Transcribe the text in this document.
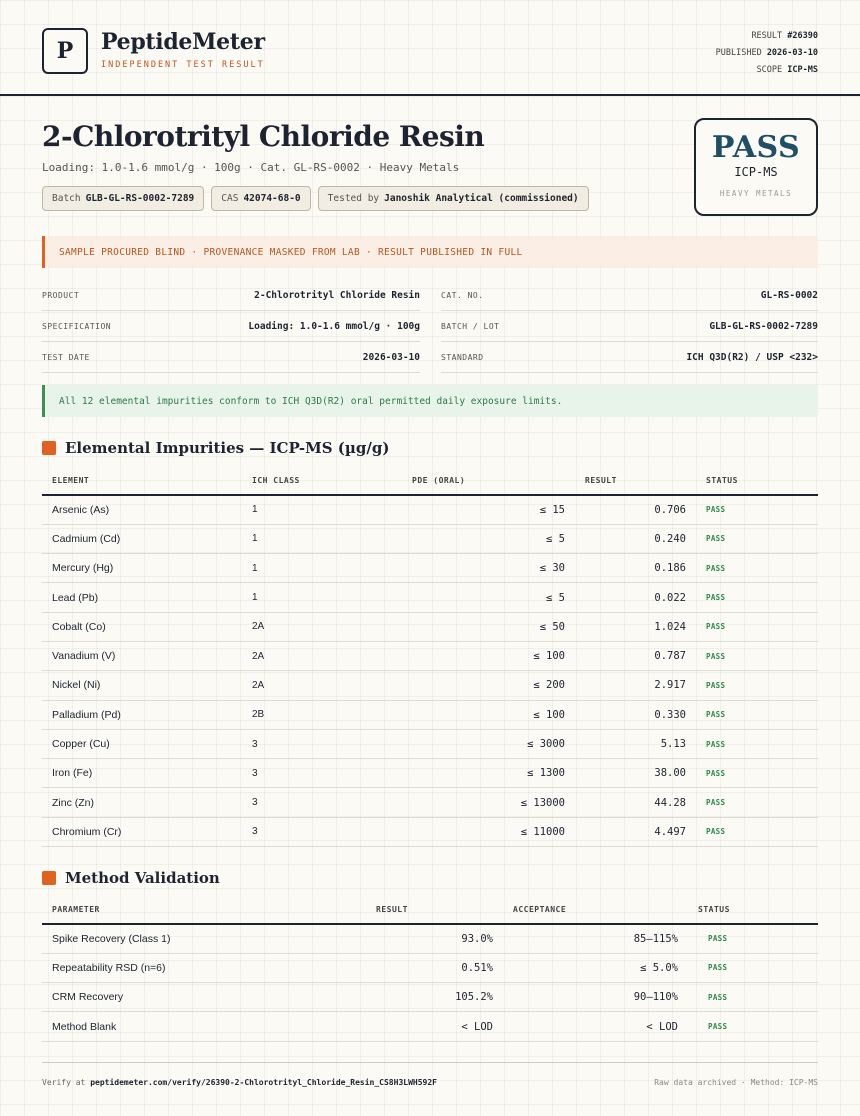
P	PeptideMeter
INDEPENDENT TEST RESULT
RESULT #26390
PUBLISHED 2026-03-10
SCOPE ICP-MS
2-Chlorotrityl Chloride Resin
Loading: 1.0-1.6 mmol/g · 100g · Cat. GL-RS-0002 · Heavy Metals
Batch GLB-GL-RS-0002-7289	CAS 42074-68-0	Tested by Janoshik Analytical (commissioned)
PASS
ICP-MS
HEAVY METALS
SAMPLE PROCURED BLIND · PROVENANCE MASKED FROM LAB · RESULT PUBLISHED IN FULL
PRODUCT	2-Chlorotrityl Chloride Resin	CAT. NO.	GL-RS-0002
SPECIFICATION	Loading: 1.0-1.6 mmol/g · 100g	BATCH / LOT	GLB-GL-RS-0002-7289
TEST DATE	2026-03-10	STANDARD	ICH Q3D(R2) / USP <232>
All 12 elemental impurities conform to ICH Q3D(R2) oral permitted daily exposure limits.
Elemental Impurities — ICP-MS (µg/g)
ELEMENT	ICH CLASS	PDE (ORAL)	RESULT	STATUS
Arsenic (As)	1	≤ 15	0.706	PASS
Cadmium (Cd)	1	≤ 5	0.240	PASS
Mercury (Hg)	1	≤ 30	0.186	PASS
Lead (Pb)	1	≤ 5	0.022	PASS
Cobalt (Co)	2A	≤ 50	1.024	PASS
Vanadium (V)	2A	≤ 100	0.787	PASS
Nickel (Ni)	2A	≤ 200	2.917	PASS
Palladium (Pd)	2B	≤ 100	0.330	PASS
Copper (Cu)	3	≤ 3000	5.13	PASS
Iron (Fe)	3	≤ 1300	38.00	PASS
Zinc (Zn)	3	≤ 13000	44.28	PASS
Chromium (Cr)	3	≤ 11000	4.497	PASS
Method Validation
PARAMETER	RESULT	ACCEPTANCE	STATUS
Spike Recovery (Class 1)	93.0%	85–115%	PASS
Repeatability RSD (n=6)	0.51%	≤ 5.0%	PASS
CRM Recovery	105.2%	90–110%	PASS
Method Blank	< LOD	< LOD	PASS
Verify at peptidemeter.com/verify/26390-2-Chlorotrityl_Chloride_Resin_CS8H3LWH592F	Raw data archived · Method: ICP-MS
